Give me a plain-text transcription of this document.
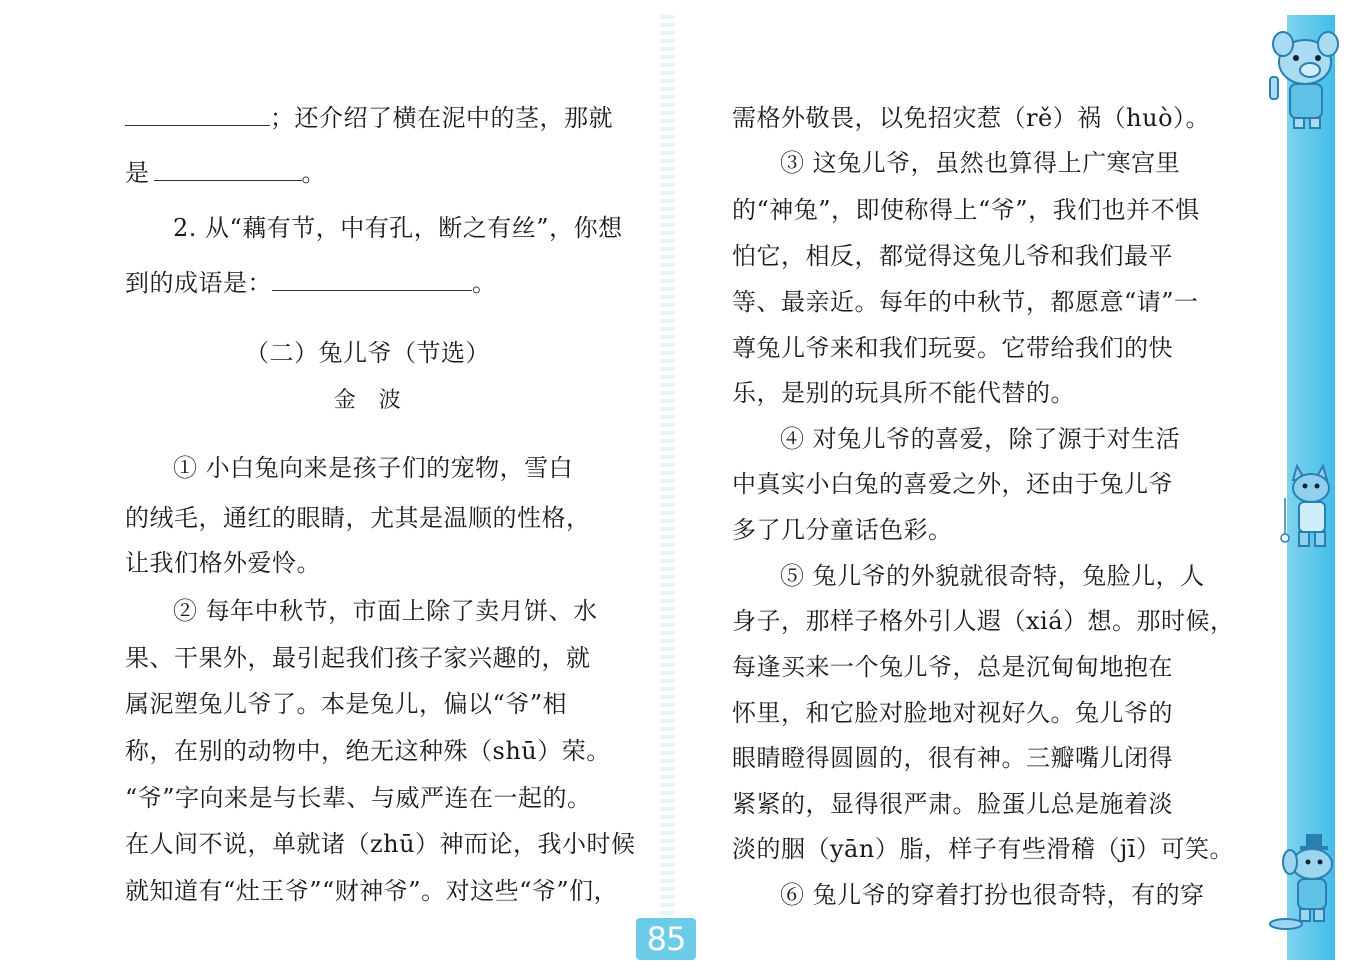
；还介绍了横在泥中的茎，那就
是	。
2. 从“藕有节，中有孔，断之有丝”，你想
到的成语是：	。
（二）兔儿爷（节选）
金　波
① 小白兔向来是孩子们的宠物，雪白
的绒毛，通红的眼睛，尤其是温顺的性格，
让我们格外爱怜。
② 每年中秋节，市面上除了卖月饼、水
果、干果外，最引起我们孩子家兴趣的，就
属泥塑兔儿爷了。本是兔儿，偏以“爷”相
称，在别的动物中，绝无这种殊（shū）荣。
“爷”字向来是与长辈、与威严连在一起的。
在人间不说，单就诸（zhū）神而论，我小时候
就知道有“灶王爷”“财神爷”。对这些“爷”们，
需格外敬畏，以免招灾惹（rě）祸（huò）。
③ 这兔儿爷，虽然也算得上广寒宫里
的“神兔”，即使称得上“爷”，我们也并不惧
怕它，相反，都觉得这兔儿爷和我们最平
等、最亲近。每年的中秋节，都愿意“请”一
尊兔儿爷来和我们玩耍。它带给我们的快
乐，是别的玩具所不能代替的。
④ 对兔儿爷的喜爱，除了源于对生活
中真实小白兔的喜爱之外，还由于兔儿爷
多了几分童话色彩。
⑤ 兔儿爷的外貌就很奇特，兔脸儿，人
身子，那样子格外引人遐（xiá）想。那时候，
每逢买来一个兔儿爷，总是沉甸甸地抱在
怀里，和它脸对脸地对视好久。兔儿爷的
眼睛瞪得圆圆的，很有神。三瓣嘴儿闭得
紧紧的，显得很严肃。脸蛋儿总是施着淡
淡的胭（yān）脂，样子有些滑稽（jī）可笑。
⑥ 兔儿爷的穿着打扮也很奇特，有的穿
85
